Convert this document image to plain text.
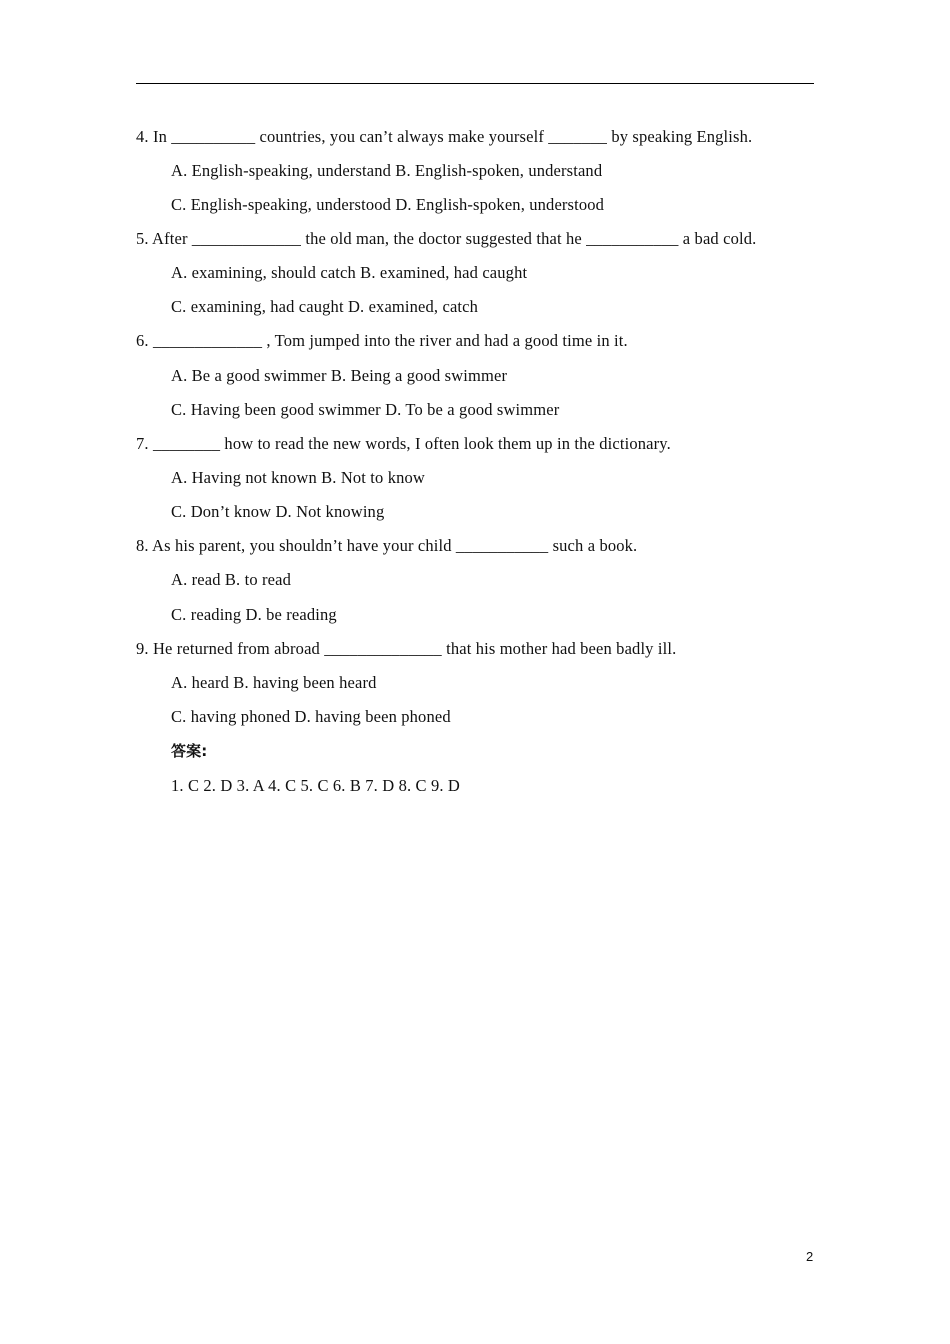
4. In __________ countries, you can’t always make yourself _______ by speaking English.
A. English-speaking, understand B. English-spoken, understand
C. English-speaking, understood D. English-spoken, understood
5. After _____________ the old man, the doctor suggested that he ___________ a bad cold.
A. examining, should catch B. examined, had caught
C. examining, had caught D. examined, catch
6. _____________ , Tom jumped into the river and had a good time in it.
A. Be a good swimmer B. Being a good swimmer
C. Having been good swimmer D. To be a good swimmer
7. ________ how to read the new words, I often look them up in the dictionary.
A. Having not known B. Not to know
C. Don’t know D. Not knowing
8. As his parent, you shouldn’t have your child ___________ such a book.
A. read B. to read
C. reading D. be reading
9. He returned from abroad ______________ that his mother had been badly ill.
A. heard B. having been heard
C. having phoned D. having been phoned
答案:
1. C 2. D 3. A 4. C 5. C 6. B 7. D 8. C 9. D
2
